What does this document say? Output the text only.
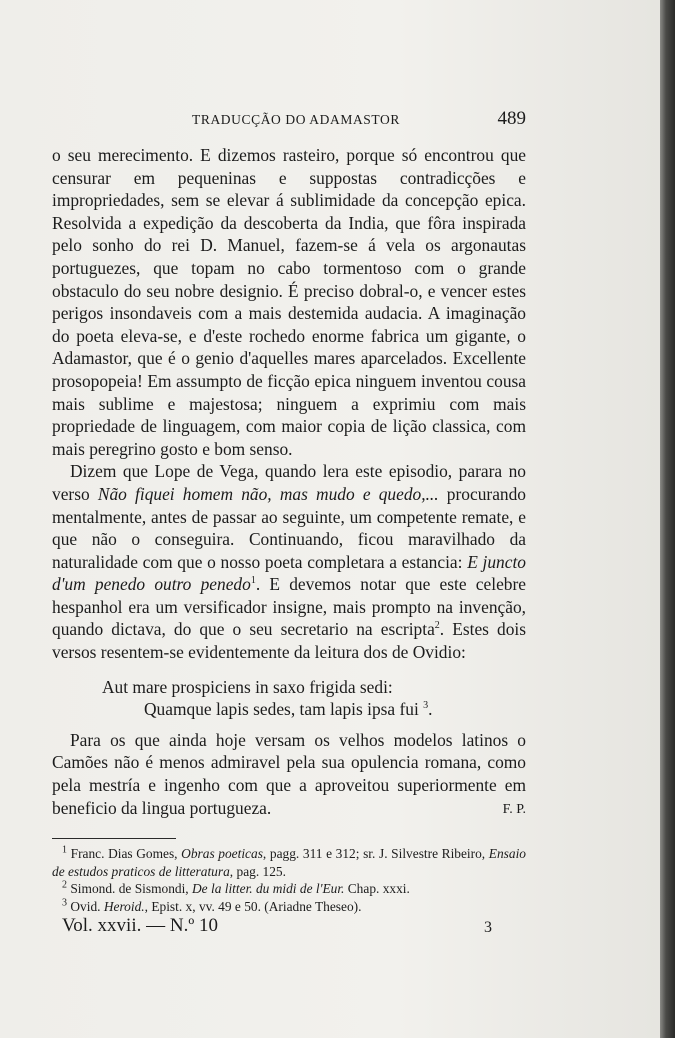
TRADUCÇÃO DO ADAMASTOR	489

o seu merecimento. E dizemos rasteiro, porque só encontrou que censurar em pequeninas e suppostas contradicções e impropriedades, sem se elevar á sublimidade da concepção epica. Resolvida a expedição da descoberta da India, que fôra inspirada pelo sonho do rei D. Manuel, fazem-se á vela os argonautas portuguezes, que topam no cabo tormentoso com o grande obstaculo do seu nobre designio. É preciso dobral-o, e vencer estes perigos insondaveis com a mais destemida audacia. A imaginação do poeta eleva-se, e d'este rochedo enorme fabrica um gigante, o Adamastor, que é o genio d'aquelles mares aparcelados. Excellente prosopopeia! Em assumpto de ficção epica ninguem inventou cousa mais sublime e majestosa; ninguem a exprimiu com mais propriedade de linguagem, com maior copia de lição classica, com mais peregrino gosto e bom senso.

Dizem que Lope de Vega, quando lera este episodio, parara no verso Não fiquei homem não, mas mudo e quedo,... procurando mentalmente, antes de passar ao seguinte, um competente remate, e que não o conseguira. Continuando, ficou maravilhado da naturalidade com que o nosso poeta completara a estancia: E juncto d'um penedo outro penedo$^1$. E devemos notar que este celebre hespanhol era um versificador insigne, mais prompto na invenção, quando dictava, do que o seu secretario na escripta$^2$. Estes dois versos resentem-se evidentemente da leitura dos de Ovidio:

Aut mare prospiciens in saxo frigida sedi:
Quamque lapis sedes, tam lapis ipsa fui $^3$.

Para os que ainda hoje versam os velhos modelos latinos o Camões não é menos admiravel pela sua opulencia romana, como pela mestría e ingenho com que a aproveitou superiormente em beneficio da lingua portugueza.	F. P.

$^1$ Franc. Dias Gomes, Obras poeticas, pagg. 311 e 312; sr. J. Silvestre Ribeiro, Ensaio de estudos praticos de litteratura, pag. 125.

$^2$ Simond. de Sismondi, De la litter. du midi de l'Eur. Chap. xxxi.

$^3$ Ovid. Heroid., Epist. x, vv. 49 e 50. (Ariadne Theseo).

Vol. xxvii. — N.º 10	3
